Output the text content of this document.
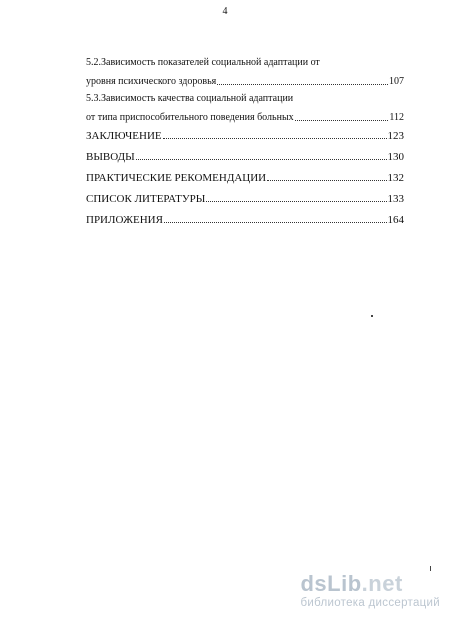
4
5.2.Зависимость показателей социальной адаптации от
уровня психического здоровья	107
5.3.Зависимость качества социальной адаптации
от типа приспособительного поведения больных	112
ЗАКЛЮЧЕНИЕ	123
ВЫВОДЫ	130
ПРАКТИЧЕСКИЕ РЕКОМЕНДАЦИИ	132
СПИСОК ЛИТЕРАТУРЫ	133
ПРИЛОЖЕНИЯ	164
dsLib.net
библиотека диссертаций
